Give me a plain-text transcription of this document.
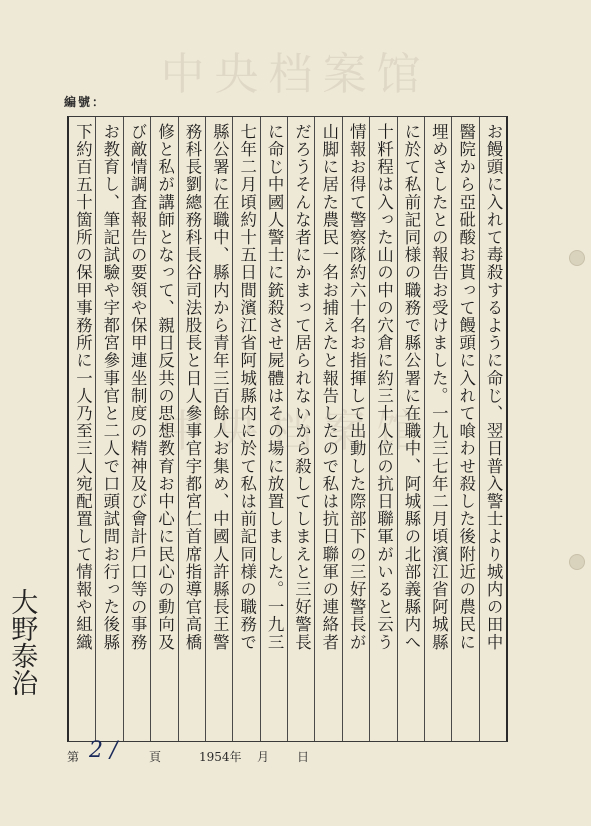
中央档案馆
中央档案馆
編號：
お饅頭に入れて毒殺するように命じ、翌日普入警士より城内の田中
醫院から亞砒酸お貰って饅頭に入れて喰わせ殺した後附近の農民に
埋めさしたとの報告お受けました。一九三七年二月頃濱江省阿城縣
に於て私前記同様の職務で縣公署に在職中、阿城縣の北部義縣内へ
十粁程は入った山の中の穴倉に約三十人位の抗日聯軍がいると云う
情報お得て警察隊約六十名お指揮して出動した際部下の三好警長が
山脚に居た農民一名お捕えたと報告したので私は抗日聯軍の連絡者
だろうそんな者にかまって居られないから殺してしまえと三好警長
に命じ中國人警士に銃殺させ屍體はその場に放置しました。一九三
七年二月頃約十五日間濱江省阿城縣内に於て私は前記同様の職務で
縣公署に在職中、縣内から青年三百餘人お集め、中國人許縣長王警
務科長劉總務科長谷司法股長と日人參事官宇都宮仁首席指導官高橋
修と私が講師となって、親日反共の思想教育お中心に民心の動向及
び敵情調査報告の要領や保甲連坐制度の精神及び會計戶口等の事務
お教育し、筆記試驗や宇都宮參事官と二人で口頭試問お行った後縣
下約百五十箇所の保甲事務所に一人乃至三人宛配置して情報や組織
大野泰治
第 2 /	頁	1954年 月 日
